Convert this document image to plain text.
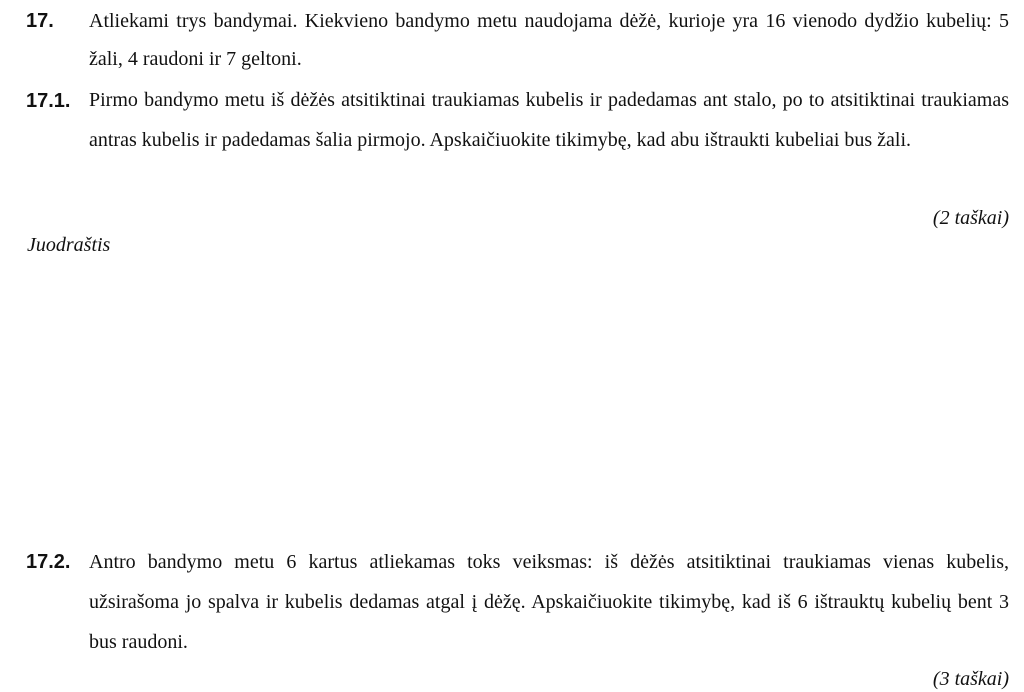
17. Atliekami trys bandymai. Kiekvieno bandymo metu naudojama dėžė, kurioje yra 16 vienodo dydžio kubelių: 5 žali, 4 raudoni ir 7 geltoni.
17.1. Pirmo bandymo metu iš dėžės atsitiktinai traukiamas kubelis ir padedamas ant stalo, po to atsitiktinai traukiamas antras kubelis ir padedamas šalia pirmojo. Apskaičiuokite tikimybę, kad abu ištraukti kubeliai bus žali.
(2 taškai)
Juodraštis
17.2. Antro bandymo metu 6 kartus atliekamas toks veiksmas: iš dėžės atsitiktinai traukiamas vienas kubelis, užsirašoma jo spalva ir kubelis dedamas atgal į dėžę. Apskaičiuokite tikimybę, kad iš 6 ištrauktų kubelių bent 3 bus raudoni.
(3 taškai)
